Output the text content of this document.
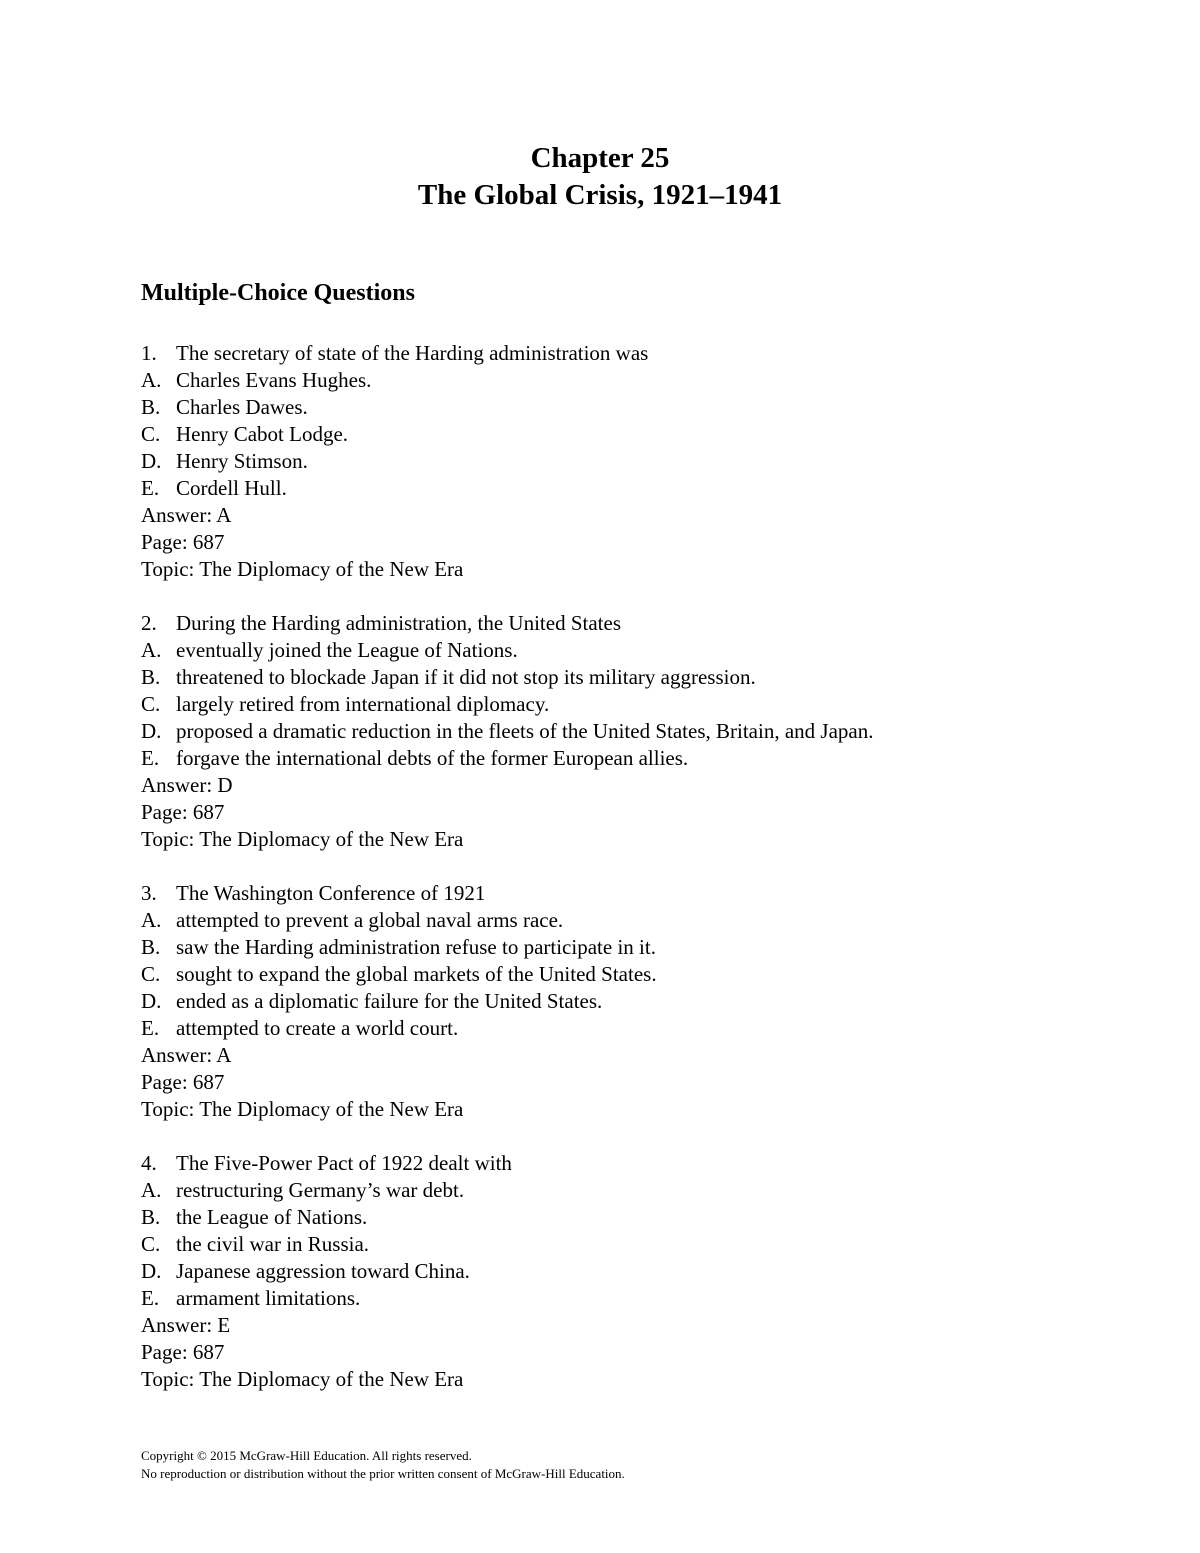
Chapter 25
The Global Crisis, 1921–1941
Multiple-Choice Questions
1. The secretary of state of the Harding administration was
A. Charles Evans Hughes.
B. Charles Dawes.
C. Henry Cabot Lodge.
D. Henry Stimson.
E. Cordell Hull.
Answer: A
Page: 687
Topic: The Diplomacy of the New Era
2. During the Harding administration, the United States
A. eventually joined the League of Nations.
B. threatened to blockade Japan if it did not stop its military aggression.
C. largely retired from international diplomacy.
D. proposed a dramatic reduction in the fleets of the United States, Britain, and Japan.
E. forgave the international debts of the former European allies.
Answer: D
Page: 687
Topic: The Diplomacy of the New Era
3. The Washington Conference of 1921
A. attempted to prevent a global naval arms race.
B. saw the Harding administration refuse to participate in it.
C. sought to expand the global markets of the United States.
D. ended as a diplomatic failure for the United States.
E. attempted to create a world court.
Answer: A
Page: 687
Topic: The Diplomacy of the New Era
4. The Five-Power Pact of 1922 dealt with
A. restructuring Germany’s war debt.
B. the League of Nations.
C. the civil war in Russia.
D. Japanese aggression toward China.
E. armament limitations.
Answer: E
Page: 687
Topic: The Diplomacy of the New Era
Copyright © 2015 McGraw-Hill Education. All rights reserved.
No reproduction or distribution without the prior written consent of McGraw-Hill Education.
